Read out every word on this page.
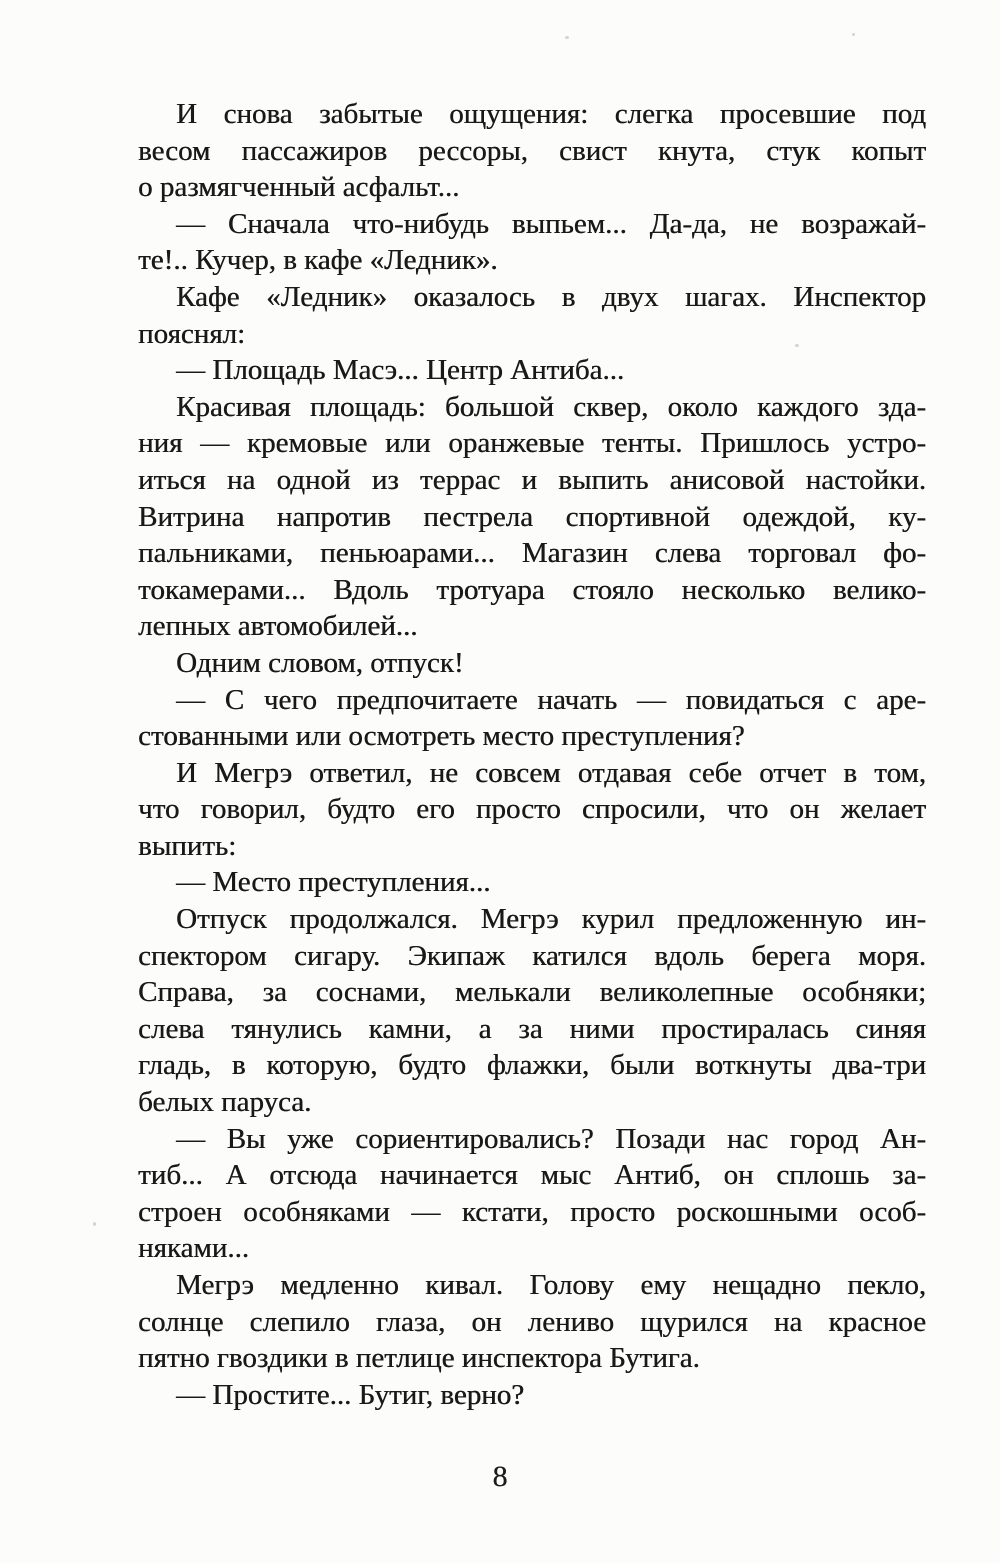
И снова забытые ощущения: слегка просевшие под
весом пассажиров рессоры, свист кнута, стук копыт
о размягченный асфальт...
— Сначала что-нибудь выпьем... Да-да, не возражай-
те!.. Кучер, в кафе «Ледник».
Кафе «Ледник» оказалось в двух шагах. Инспектор
пояснял:
— Площадь Масэ... Центр Антиба...
Красивая площадь: большой сквер, около каждого зда-
ния — кремовые или оранжевые тенты. Пришлось устро-
иться на одной из террас и выпить анисовой настойки.
Витрина напротив пестрела спортивной одеждой, ку-
пальниками, пеньюарами... Магазин слева торговал фо-
токамерами... Вдоль тротуара стояло несколько велико-
лепных автомобилей...
Одним словом, отпуск!
— С чего предпочитаете начать — повидаться с аре-
стованными или осмотреть место преступления?
И Мегрэ ответил, не совсем отдавая себе отчет в том,
что говорил, будто его просто спросили, что он желает
выпить:
— Место преступления...
Отпуск продолжался. Мегрэ курил предложенную ин-
спектором сигару. Экипаж катился вдоль берега моря.
Справа, за соснами, мелькали великолепные особняки;
слева тянулись камни, а за ними простиралась синяя
гладь, в которую, будто флажки, были воткнуты два-три
белых паруса.
— Вы уже сориентировались? Позади нас город Ан-
тиб... А отсюда начинается мыс Антиб, он сплошь за-
строен особняками — кстати, просто роскошными особ-
няками...
Мегрэ медленно кивал. Голову ему нещадно пекло,
солнце слепило глаза, он лениво щурился на красное
пятно гвоздики в петлице инспектора Бутига.
— Простите... Бутиг, верно?
8
